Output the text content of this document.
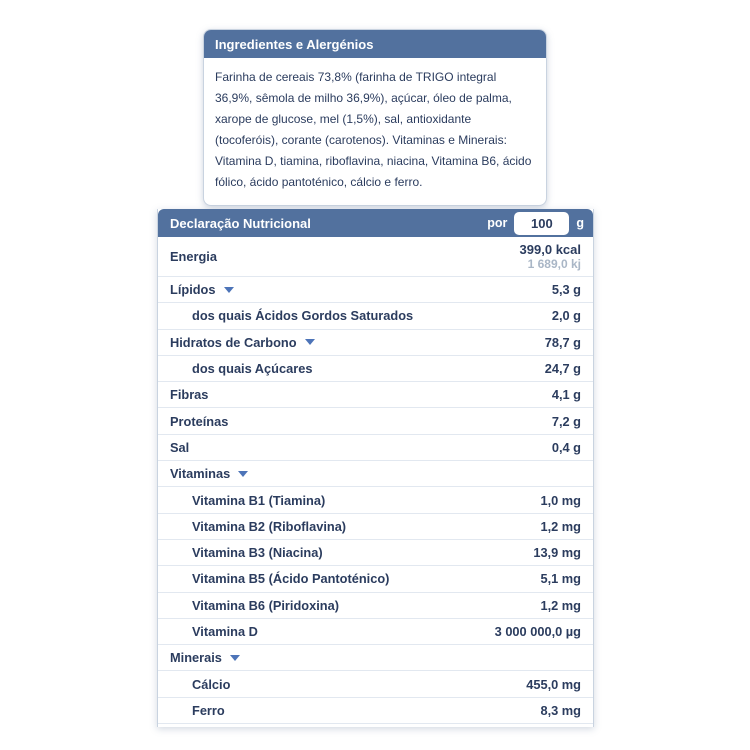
Ingredientes e Alergénios
Farinha de cereais 73,8% (farinha de TRIGO integral 36,9%, sêmola de milho 36,9%), açúcar, óleo de palma, xarope de glucose, mel (1,5%), sal, antioxidante (tocoferóis), corante (carotenos). Vitaminas e Minerais: Vitamina D, tiamina, riboflavina, niacina, Vitamina B6, ácido fólico, ácido pantoténico, cálcio e ferro.
Declaração Nutricional	por
100	g
Energia	399,0 kcal
1 689,0 kj
Lípidos	5,3 g
dos quais Ácidos Gordos Saturados	2,0 g
Hidratos de Carbono	78,7 g
dos quais Açúcares	24,7 g
Fibras	4,1 g
Proteínas	7,2 g
Sal	0,4 g
Vitaminas
Vitamina B1 (Tiamina)	1,0 mg
Vitamina B2 (Riboflavina)	1,2 mg
Vitamina B3 (Niacina)	13,9 mg
Vitamina B5 (Ácido Pantoténico)	5,1 mg
Vitamina B6 (Piridoxina)	1,2 mg
Vitamina D	3 000 000,0 µg
Minerais
Cálcio	455,0 mg
Ferro	8,3 mg
